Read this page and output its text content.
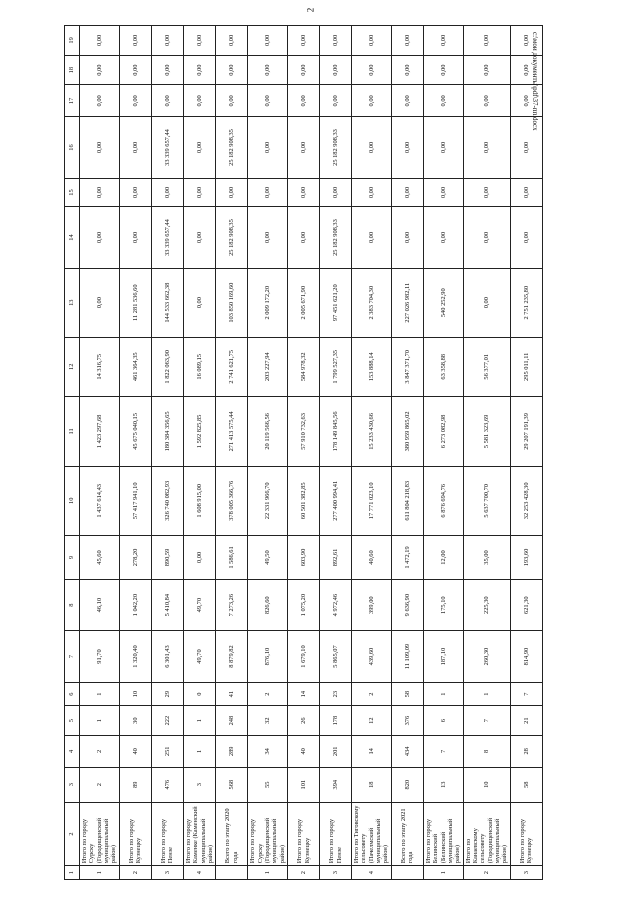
2
1	2	3	4	5	6	7	8	9	10	11	12	13	14	15	16	17	18	19
1	Итого по городу Сурску (Городищенский муниципальный район)	2	2	1	1	91,70	46,10	45,60	1 437 614,43	1 423 297,68	14 316,75	0,00	0,00	0,00	0,00	0,00	0,00	0,00
2	Итого по городу Кузнецку	89	40	30	10	1 320,40	1 042,20	278,20	57 417 941,10	45 675 040,15	461 364,35	11 281 536,60	0,00	0,00	0,00	0,00	0,00	0,00
3	Итого по городу Пензе	476	251	222	29	6 301,43	5 410,84	890,59	326 740 082,93	180 384 356,65	1 822 063,90	144 533 662,38	33 339 657,44	0,00	33 339 657,44	0,00	0,00	0,00
4	Итого по городу Каменке (Каменский муниципальный район)	3	1	1	0	49,70	49,70	0,00	1 608 915,00	1 592 825,85	16 089,15	0,00	0,00	0,00	0,00	0,00	0,00	0,00
	Всего по этапу 2020 года	568	289	248	41	8 879,82	7 273,26	1 586,61	378 005 366,76	271 413 575,44	2 741 621,75	103 850 169,60	25 182 908,35	0,00	25 182 908,35	0,00	0,00	0,00
1	Итого по городу Сурску (Городищенский муниципальный район)	55	34	32	2	876,10	826,60	49,50	22 331 966,70	20 119 566,56	203 227,94	2 009 172,20	0,00	0,00	0,00	0,00	0,00	0,00
2	Итого по городу Кузнецку	101	40	26	14	1 679,10	1 075,20	603,90	60 501 382,85	57 910 732,63	584 978,32	2 005 671,90	0,00	0,00	0,00	0,00	0,00	0,00
3	Итого по городу Пензе	394	201	178	23	5 865,07	4 972,46	892,61	277 400 994,41	178 149 845,56	1 799 527,35	97 451 621,20	25 182 908,33	0,00	25 182 908,33	0,00	0,00	0,00
4	Итого по Тиговскому сельсовету (Пачелмский муниципальный район)	18	14	12	2	439,60	399,00	40,60	17 771 023,10	15 233 430,66	153 888,14	2 383 704,30	0,00	0,00	0,00	0,00	0,00	0,00
	Всего по этапу 2021 года	820	434	376	58	11 109,09	9 636,90	1 472,19	611 804 218,83	380 959 865,02	3 847 371,70	227 026 982,11	0,00	0,00	0,00	0,00	0,00	0,00
1	Итого по городу Белинский (Белинский муниципальный район)	13	7	6	1	187,10	175,10	12,00	6 876 694,76	6 273 082,98	63 358,88	540 252,90	0,00	0,00	0,00	0,00	0,00	0,00
2	Итого по Канаевскому сельсовету (Городищенский муниципальный район)	10	8	7	1	260,30	225,30	35,00	5 637 700,70	5 581 323,69	56 377,01	0,00	0,00	0,00	0,00	0,00	0,00	0,00
3	Итого по городу Кузнецку	58	28	21	7	814,90	621,30	193,60	32 253 428,30	29 207 191,39	295 011,11	2 751 235,80	0,00	0,00	0,00	0,00	0,00	0,00 c:\мои документы\pdf\37-пп.docx
